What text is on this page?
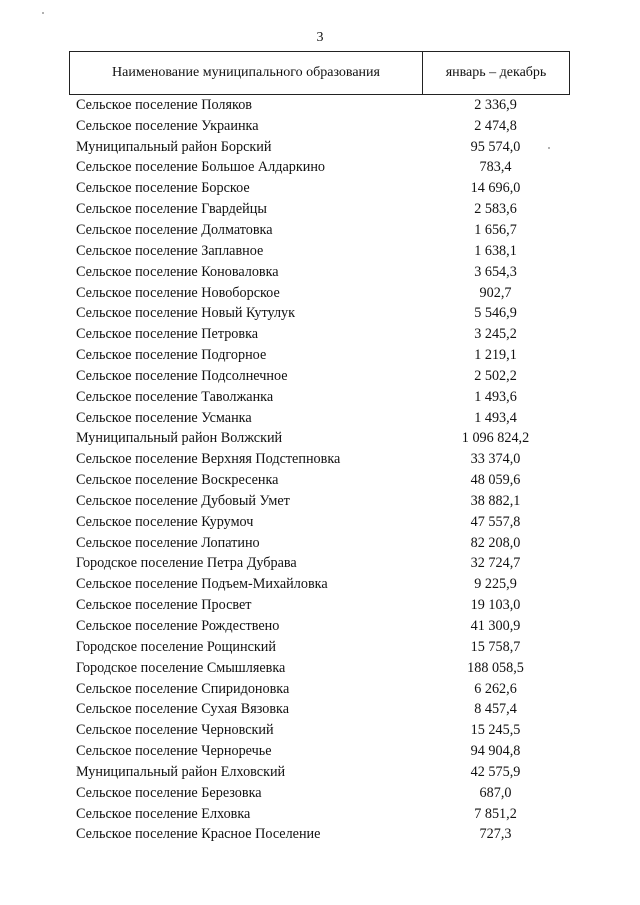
3
Наименование муниципального образования	январь – декабрь
Сельское поселение Поляков	2 336,9
Сельское поселение Украинка	2 474,8
Муниципальный район Борский	95 574,0
Сельское поселение Большое Алдаркино	783,4
Сельское поселение Борское	14 696,0
Сельское поселение Гвардейцы	2 583,6
Сельское поселение Долматовка	1 656,7
Сельское поселение Заплавное	1 638,1
Сельское поселение Коноваловка	3 654,3
Сельское поселение Новоборское	902,7
Сельское поселение Новый Кутулук	5 546,9
Сельское поселение Петровка	3 245,2
Сельское поселение Подгорное	1 219,1
Сельское поселение Подсолнечное	2 502,2
Сельское поселение Таволжанка	1 493,6
Сельское поселение Усманка	1 493,4
Муниципальный район Волжский	1 096 824,2
Сельское поселение Верхняя Подстепновка	33 374,0
Сельское поселение Воскресенка	48 059,6
Сельское поселение Дубовый Умет	38 882,1
Сельское поселение Курумоч	47 557,8
Сельское поселение Лопатино	82 208,0
Городское поселение Петра Дубрава	32 724,7
Сельское поселение Подъем-Михайловка	9 225,9
Сельское поселение Просвет	19 103,0
Сельское поселение Рождествено	41 300,9
Городское поселение Рощинский	15 758,7
Городское поселение Смышляевка	188 058,5
Сельское поселение Спиридоновка	6 262,6
Сельское поселение Сухая Вязовка	8 457,4
Сельское поселение Черновский	15 245,5
Сельское поселение Черноречье	94 904,8
Муниципальный район Елховский	42 575,9
Сельское поселение Березовка	687,0
Сельское поселение Елховка	7 851,2
Сельское поселение Красное Поселение	727,3
